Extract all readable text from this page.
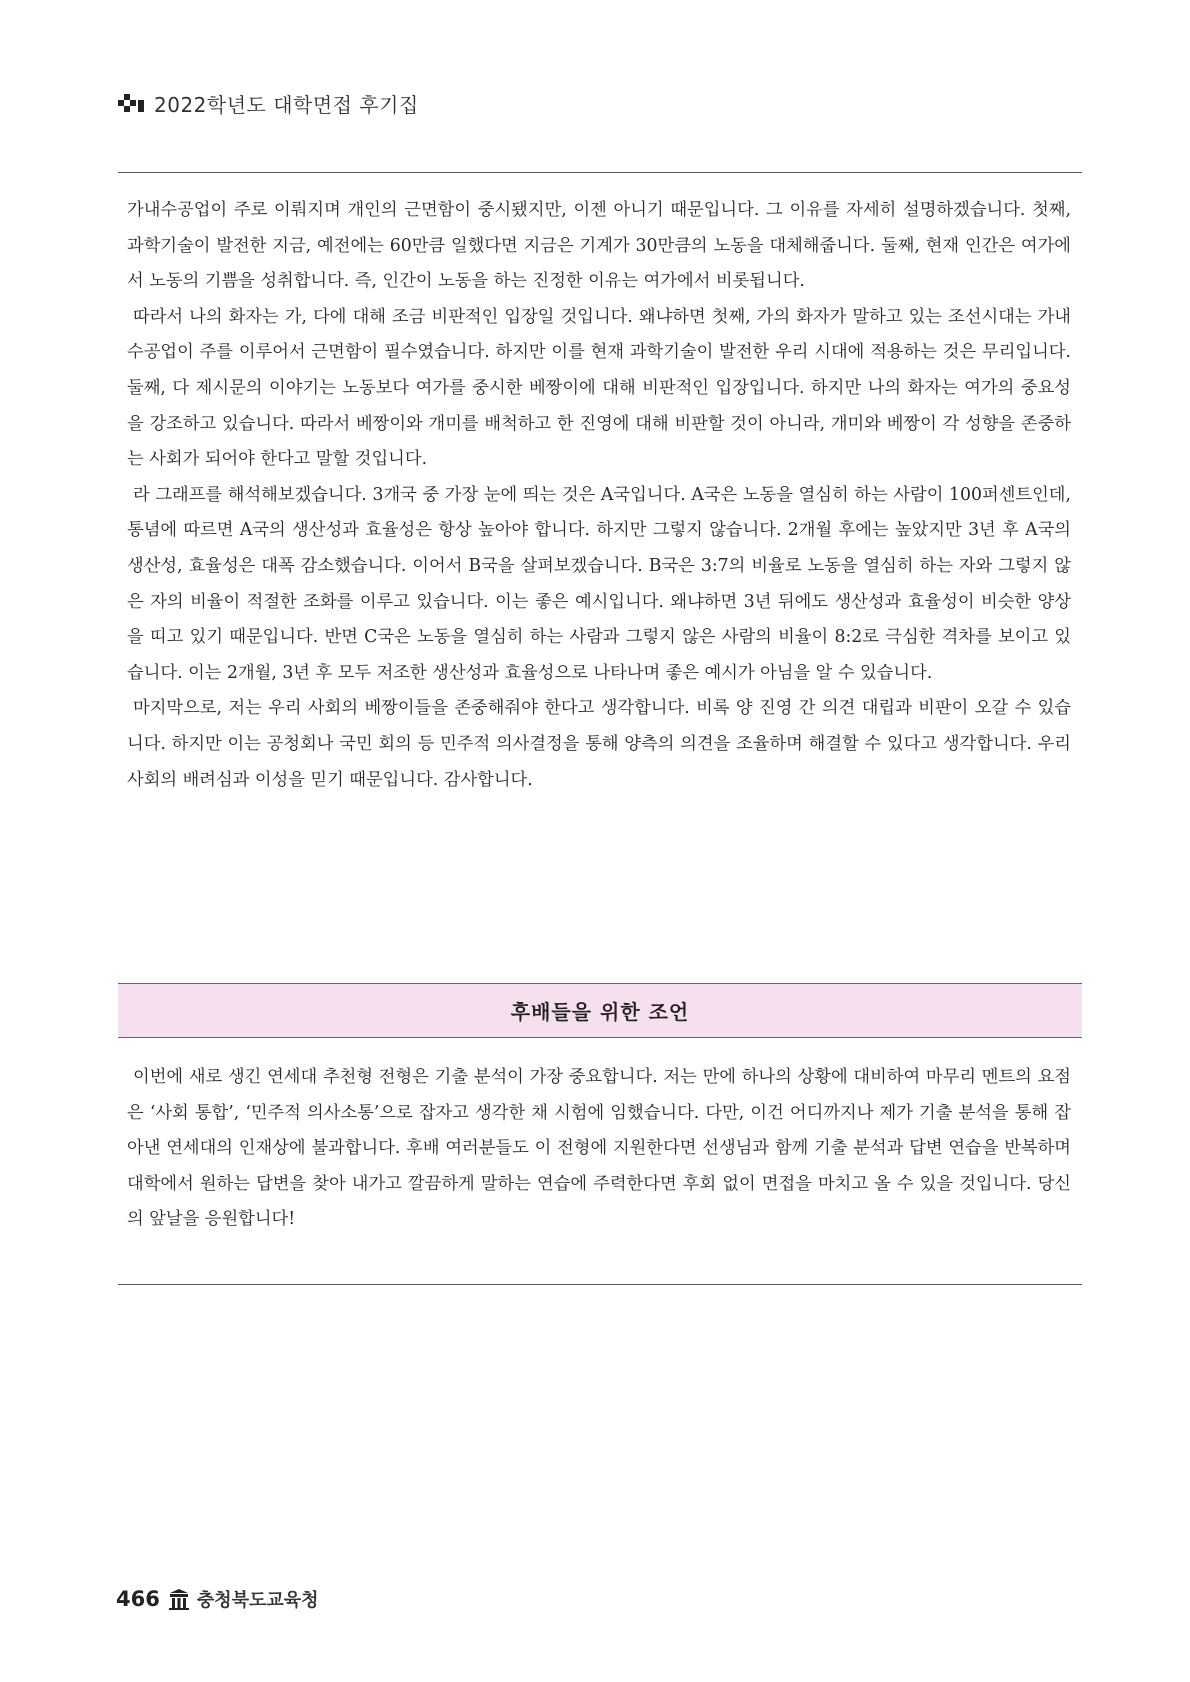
2022학년도 대학면접 후기집

가내수공업이 주로 이뤄지며 개인의 근면함이 중시됐지만, 이젠 아니기 때문입니다. 그 이유를 자세히 설명하겠습니다. 첫째, 과학기술이 발전한 지금, 예전에는 60만큼 일했다면 지금은 기계가 30만큼의 노동을 대체해줍니다. 둘째, 현재 인간은 여가에서 노동의 기쁨을 성취합니다. 즉, 인간이 노동을 하는 진정한 이유는 여가에서 비롯됩니다.

따라서 나의 화자는 가, 다에 대해 조금 비판적인 입장일 것입니다. 왜냐하면 첫째, 가의 화자가 말하고 있는 조선시대는 가내수공업이 주를 이루어서 근면함이 필수였습니다. 하지만 이를 현재 과학기술이 발전한 우리 시대에 적용하는 것은 무리입니다. 둘째, 다 제시문의 이야기는 노동보다 여가를 중시한 베짱이에 대해 비판적인 입장입니다. 하지만 나의 화자는 여가의 중요성을 강조하고 있습니다. 따라서 베짱이와 개미를 배척하고 한 진영에 대해 비판할 것이 아니라, 개미와 베짱이 각 성향을 존중하는 사회가 되어야 한다고 말할 것입니다.

라 그래프를 해석해보겠습니다. 3개국 중 가장 눈에 띄는 것은 A국입니다. A국은 노동을 열심히 하는 사람이 100퍼센트인데, 통념에 따르면 A국의 생산성과 효율성은 항상 높아야 합니다. 하지만 그렇지 않습니다. 2개월 후에는 높았지만 3년 후 A국의 생산성, 효율성은 대폭 감소했습니다. 이어서 B국을 살펴보겠습니다. B국은 3:7의 비율로 노동을 열심히 하는 자와 그렇지 않은 자의 비율이 적절한 조화를 이루고 있습니다. 이는 좋은 예시입니다. 왜냐하면 3년 뒤에도 생산성과 효율성이 비슷한 양상을 띠고 있기 때문입니다. 반면 C국은 노동을 열심히 하는 사람과 그렇지 않은 사람의 비율이 8:2로 극심한 격차를 보이고 있습니다. 이는 2개월, 3년 후 모두 저조한 생산성과 효율성으로 나타나며 좋은 예시가 아님을 알 수 있습니다.

마지막으로, 저는 우리 사회의 베짱이들을 존중해줘야 한다고 생각합니다. 비록 양 진영 간 의견 대립과 비판이 오갈 수 있습니다. 하지만 이는 공청회나 국민 회의 등 민주적 의사결정을 통해 양측의 의견을 조율하며 해결할 수 있다고 생각합니다. 우리 사회의 배려심과 이성을 믿기 때문입니다. 감사합니다.

후배들을 위한 조언

이번에 새로 생긴 연세대 추천형 전형은 기출 분석이 가장 중요합니다. 저는 만에 하나의 상황에 대비하여 마무리 멘트의 요점은 ‘사회 통합’, ‘민주적 의사소통’으로 잡자고 생각한 채 시험에 임했습니다. 다만, 이건 어디까지나 제가 기출 분석을 통해 잡아낸 연세대의 인재상에 불과합니다. 후배 여러분들도 이 전형에 지원한다면 선생님과 함께 기출 분석과 답변 연습을 반복하며 대학에서 원하는 답변을 찾아 내가고 깔끔하게 말하는 연습에 주력한다면 후회 없이 면접을 마치고 올 수 있을 것입니다. 당신의 앞날을 응원합니다!

466 충청북도교육청
